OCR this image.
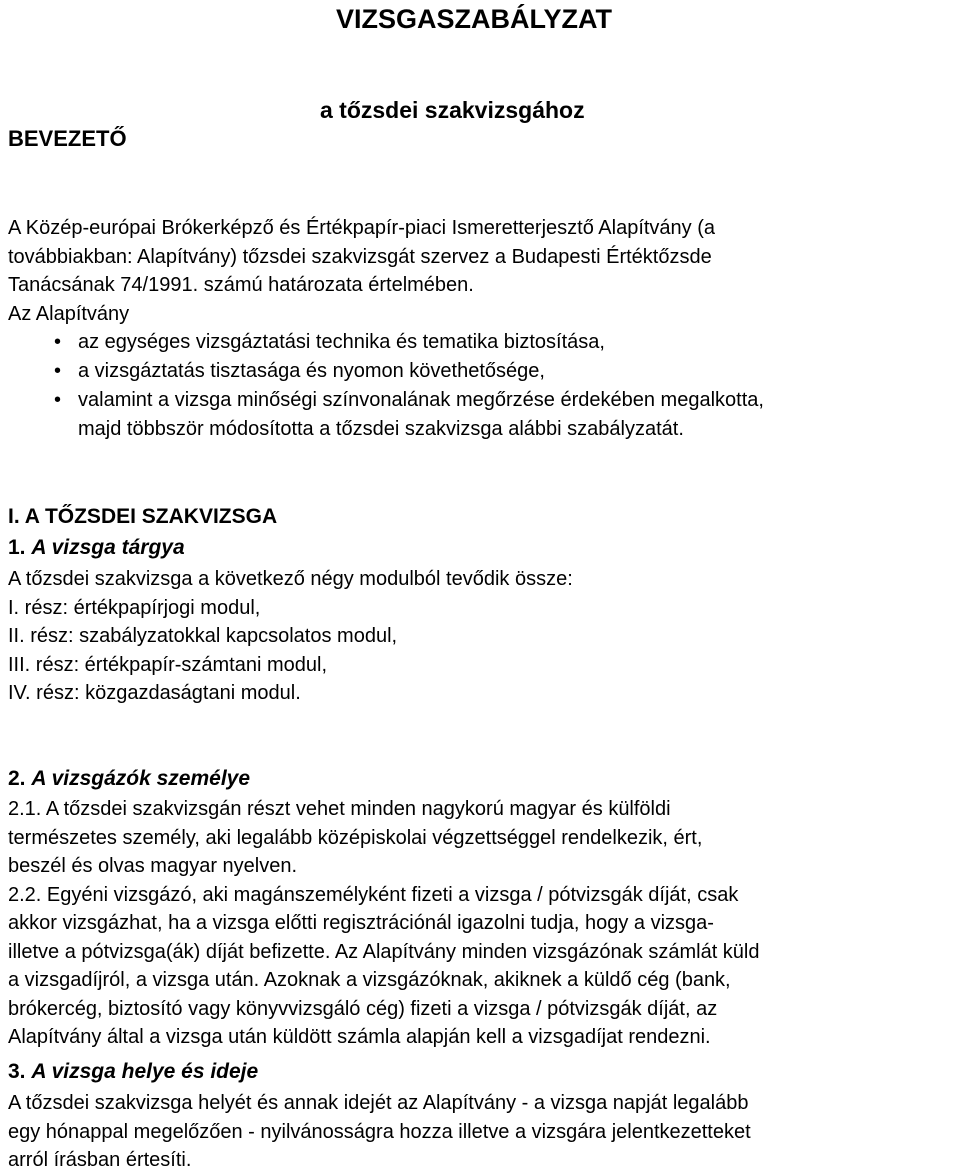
VIZSGASZABÁLYZAT
a tőzsdei szakvizsgához
BEVEZETŐ
A Közép-európai Brókerképző és Értékpapír-piaci Ismeretterjesztő Alapítvány (a
továbbiakban: Alapítvány) tőzsdei szakvizsgát szervez a Budapesti Értéktőzsde
Tanácsának 74/1991. számú határozata értelmében.
Az Alapítvány
• az egységes vizsgáztatási technika és tematika biztosítása,
• a vizsgáztatás tisztasága és nyomon követhetősége,
• valamint a vizsga minőségi színvonalának megőrzése érdekében megalkotta,
majd többször módosította a tőzsdei szakvizsga alábbi szabályzatát.
I. A TŐZSDEI SZAKVIZSGA
1. A vizsga tárgya
A tőzsdei szakvizsga a következő négy modulból tevődik össze:
I. rész: értékpapírjogi modul,
II. rész: szabályzatokkal kapcsolatos modul,
III. rész: értékpapír-számtani modul,
IV. rész: közgazdaságtani modul.
2. A vizsgázók személye
2.1. A tőzsdei szakvizsgán részt vehet minden nagykorú magyar és külföldi
természetes személy, aki legalább középiskolai végzettséggel rendelkezik, ért,
beszél és olvas magyar nyelven.
2.2. Egyéni vizsgázó, aki magánszemélyként fizeti a vizsga / pótvizsgák díját, csak
akkor vizsgázhat, ha a vizsga előtti regisztrációnál igazolni tudja, hogy a vizsga-
illetve a pótvizsga(ák) díját befizette. Az Alapítvány minden vizsgázónak számlát küld
a vizsgadíjról, a vizsga után. Azoknak a vizsgázóknak, akiknek a küldő cég (bank,
brókercég, biztosító vagy könyvvizsgáló cég) fizeti a vizsga / pótvizsgák díját, az
Alapítvány által a vizsga után küldött számla alapján kell a vizsgadíjat rendezni.
3. A vizsga helye és ideje
A tőzsdei szakvizsga helyét és annak idejét az Alapítvány - a vizsga napját legalább
egy hónappal megelőzően - nyilvánosságra hozza illetve a vizsgára jelentkezetteket
arról írásban értesíti.
